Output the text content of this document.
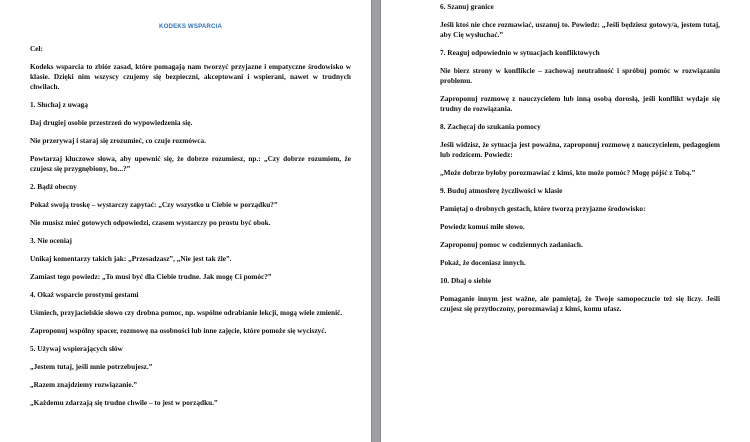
KODEKS WSPARCIA
Cel:

Kodeks wsparcia to zbiór zasad, które pomagają nam tworzyć przyjazne i empatyczne środowisko w klasie. Dzięki nim wszyscy czujemy się bezpieczni, akceptowani i wspierani, nawet w trudnych chwilach.

1. Słuchaj z uwagą

Daj drugiej osobie przestrzeń do wypowiedzenia się.

Nie przerywaj i staraj się zrozumieć, co czuje rozmówca.

Powtarzaj kluczowe słowa, aby upewnić się, że dobrze rozumiesz, np.: „Czy dobrze rozumiem, że czujesz się przygnębiony, bo...?”

2. Bądź obecny

Pokaż swoją troskę – wystarczy zapytać: „Czy wszystko u Ciebie w porządku?”

Nie musisz mieć gotowych odpowiedzi, czasem wystarczy po prostu być obok.

3. Nie oceniaj

Unikaj komentarzy takich jak: „Przesadzasz”, „Nie jest tak źle”.

Zamiast tego powiedz: „To musi być dla Ciebie trudne. Jak mogę Ci pomóc?”

4. Okaż wsparcie prostymi gestami

Uśmiech, przyjacielskie słowo czy drobna pomoc, np. wspólne odrabianie lekcji, mogą wiele zmienić.

Zaproponuj wspólny spacer, rozmowę na osobności lub inne zajęcie, które pomoże się wyciszyć.

5. Używaj wspierających słów

„Jestem tutaj, jeśli mnie potrzebujesz.”

„Razem znajdziemy rozwiązanie.”

„Każdemu zdarzają się trudne chwile – to jest w porządku.”

6. Szanuj granice

Jeśli ktoś nie chce rozmawiać, uszanuj to. Powiedz: „Jeśli będziesz gotowy/a, jestem tutaj, aby Cię wysłuchać.”

7. Reaguj odpowiednio w sytuacjach konfliktowych

Nie bierz strony w konflikcie – zachowaj neutralność i spróbuj pomóc w rozwiązaniu problemu.

Zaproponuj rozmowę z nauczycielem lub inną osobą dorosłą, jeśli konflikt wydaje się trudny do rozwiązania.

8. Zachęcaj do szukania pomocy

Jeśli widzisz, że sytuacja jest poważna, zaproponuj rozmowę z nauczycielem, pedagogiem lub rodzicem. Powiedz:

„Może dobrze byłoby porozmawiać z kimś, kto może pomóc? Mogę pójść z Tobą.”

9. Buduj atmosferę życzliwości w klasie

Pamiętaj o drobnych gestach, które tworzą przyjazne środowisko:

Powiedz komuś miłe słowo.

Zaproponuj pomoc w codziennych zadaniach.

Pokaż, że doceniasz innych.

10. Dbaj o siebie

Pomaganie innym jest ważne, ale pamiętaj, że Twoje samopoczucie też się liczy. Jeśli czujesz się przytłoczony, porozmawiaj z kimś, komu ufasz.
